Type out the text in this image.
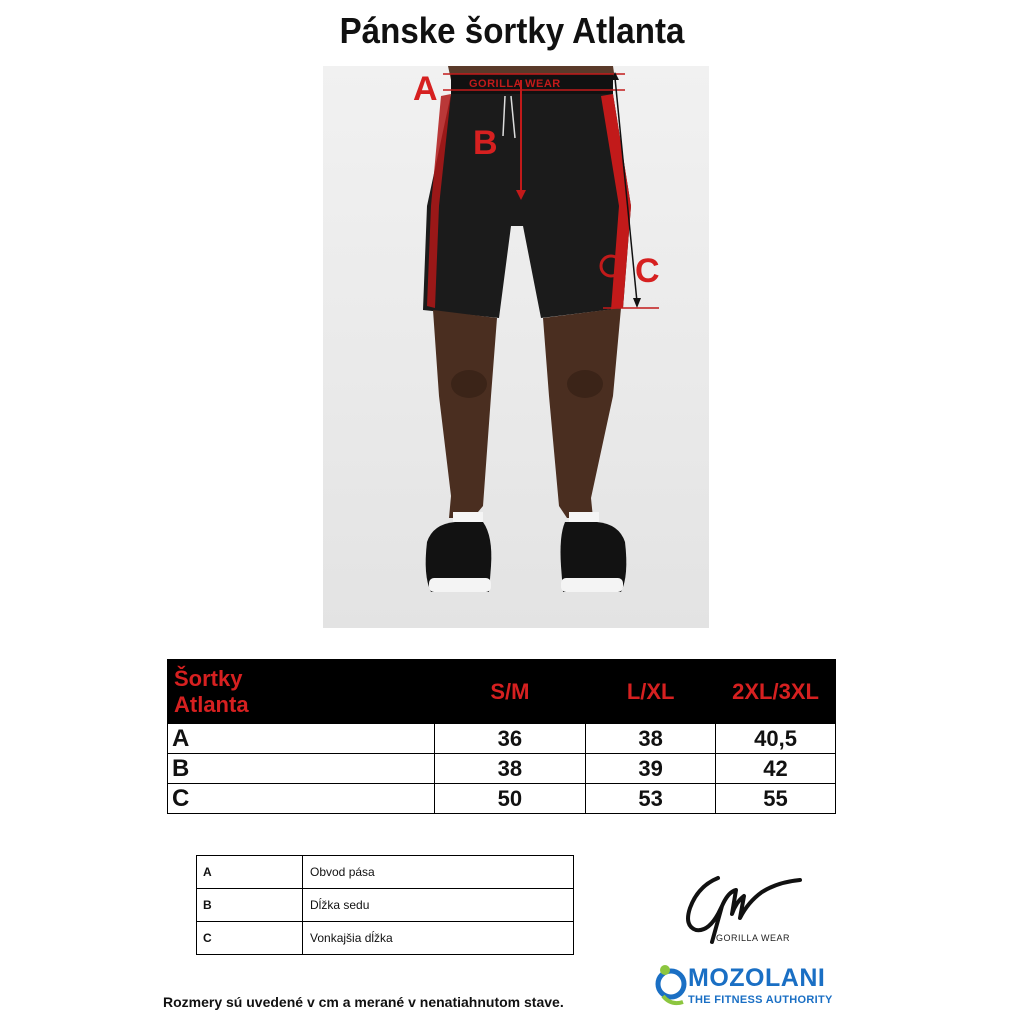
Pánske šortky Atlanta
A
B
C
GORILLA WEAR
Šortky
Atlanta	S/M	L/XL	2XL/3XL
A	36	38	40,5
B	38	39	42
C	50	53	55
A	Obvod pása
B	Dĺžka sedu
C	Vonkajšia dĺžka	GORILLA WEAR
MOZOLANI
THE FITNESS AUTHORITY
Rozmery sú uvedené v cm a merané v nenatiahnutom stave.
